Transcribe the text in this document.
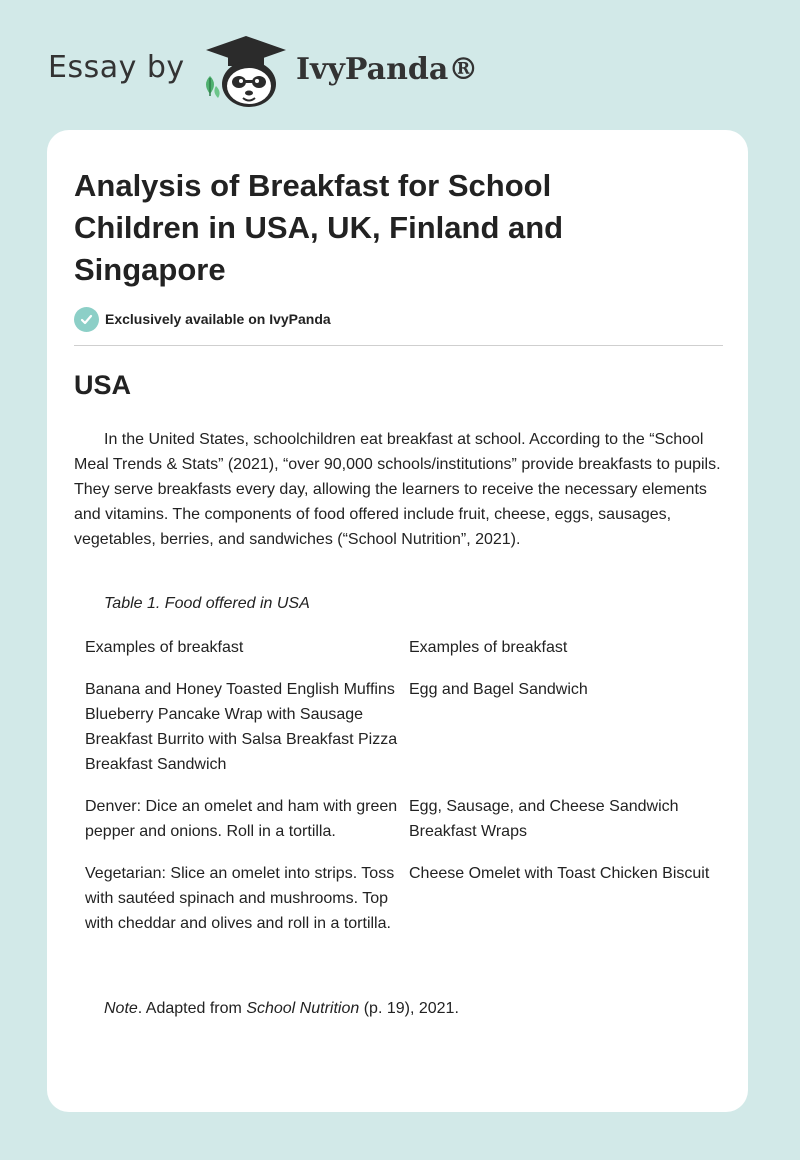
Essay by	IvyPanda®
Analysis of Breakfast for School Children in USA, UK, Finland and Singapore
Exclusively available on IvyPanda
USA

In the United States, schoolchildren eat breakfast at school. According to the “School Meal Trends & Stats” (2021), “over 90,000 schools/institutions” provide breakfasts to pupils. They serve breakfasts every day, allowing the learners to receive the necessary elements and vitamins. The components of food offered include fruit, cheese, eggs, sausages, vegetables, berries, and sandwiches (“School Nutrition”, 2021).

Table 1. Food offered in USA
Examples of breakfast	Examples of breakfast
Banana and Honey Toasted English Muffins Blueberry Pancake Wrap with Sausage Breakfast Burrito with Salsa Breakfast Pizza Breakfast Sandwich
Egg and Bagel Sandwich
Denver: Dice an omelet and ham with green pepper and onions. Roll in a tortilla.
Egg, Sausage, and Cheese Sandwich Breakfast Wraps
Vegetarian: Slice an omelet into strips. Toss with sautéed spinach and mushrooms. Top with cheddar and olives and roll in a tortilla.
Cheese Omelet with Toast Chicken Biscuit
Note. Adapted from School Nutrition (p. 19), 2021.
